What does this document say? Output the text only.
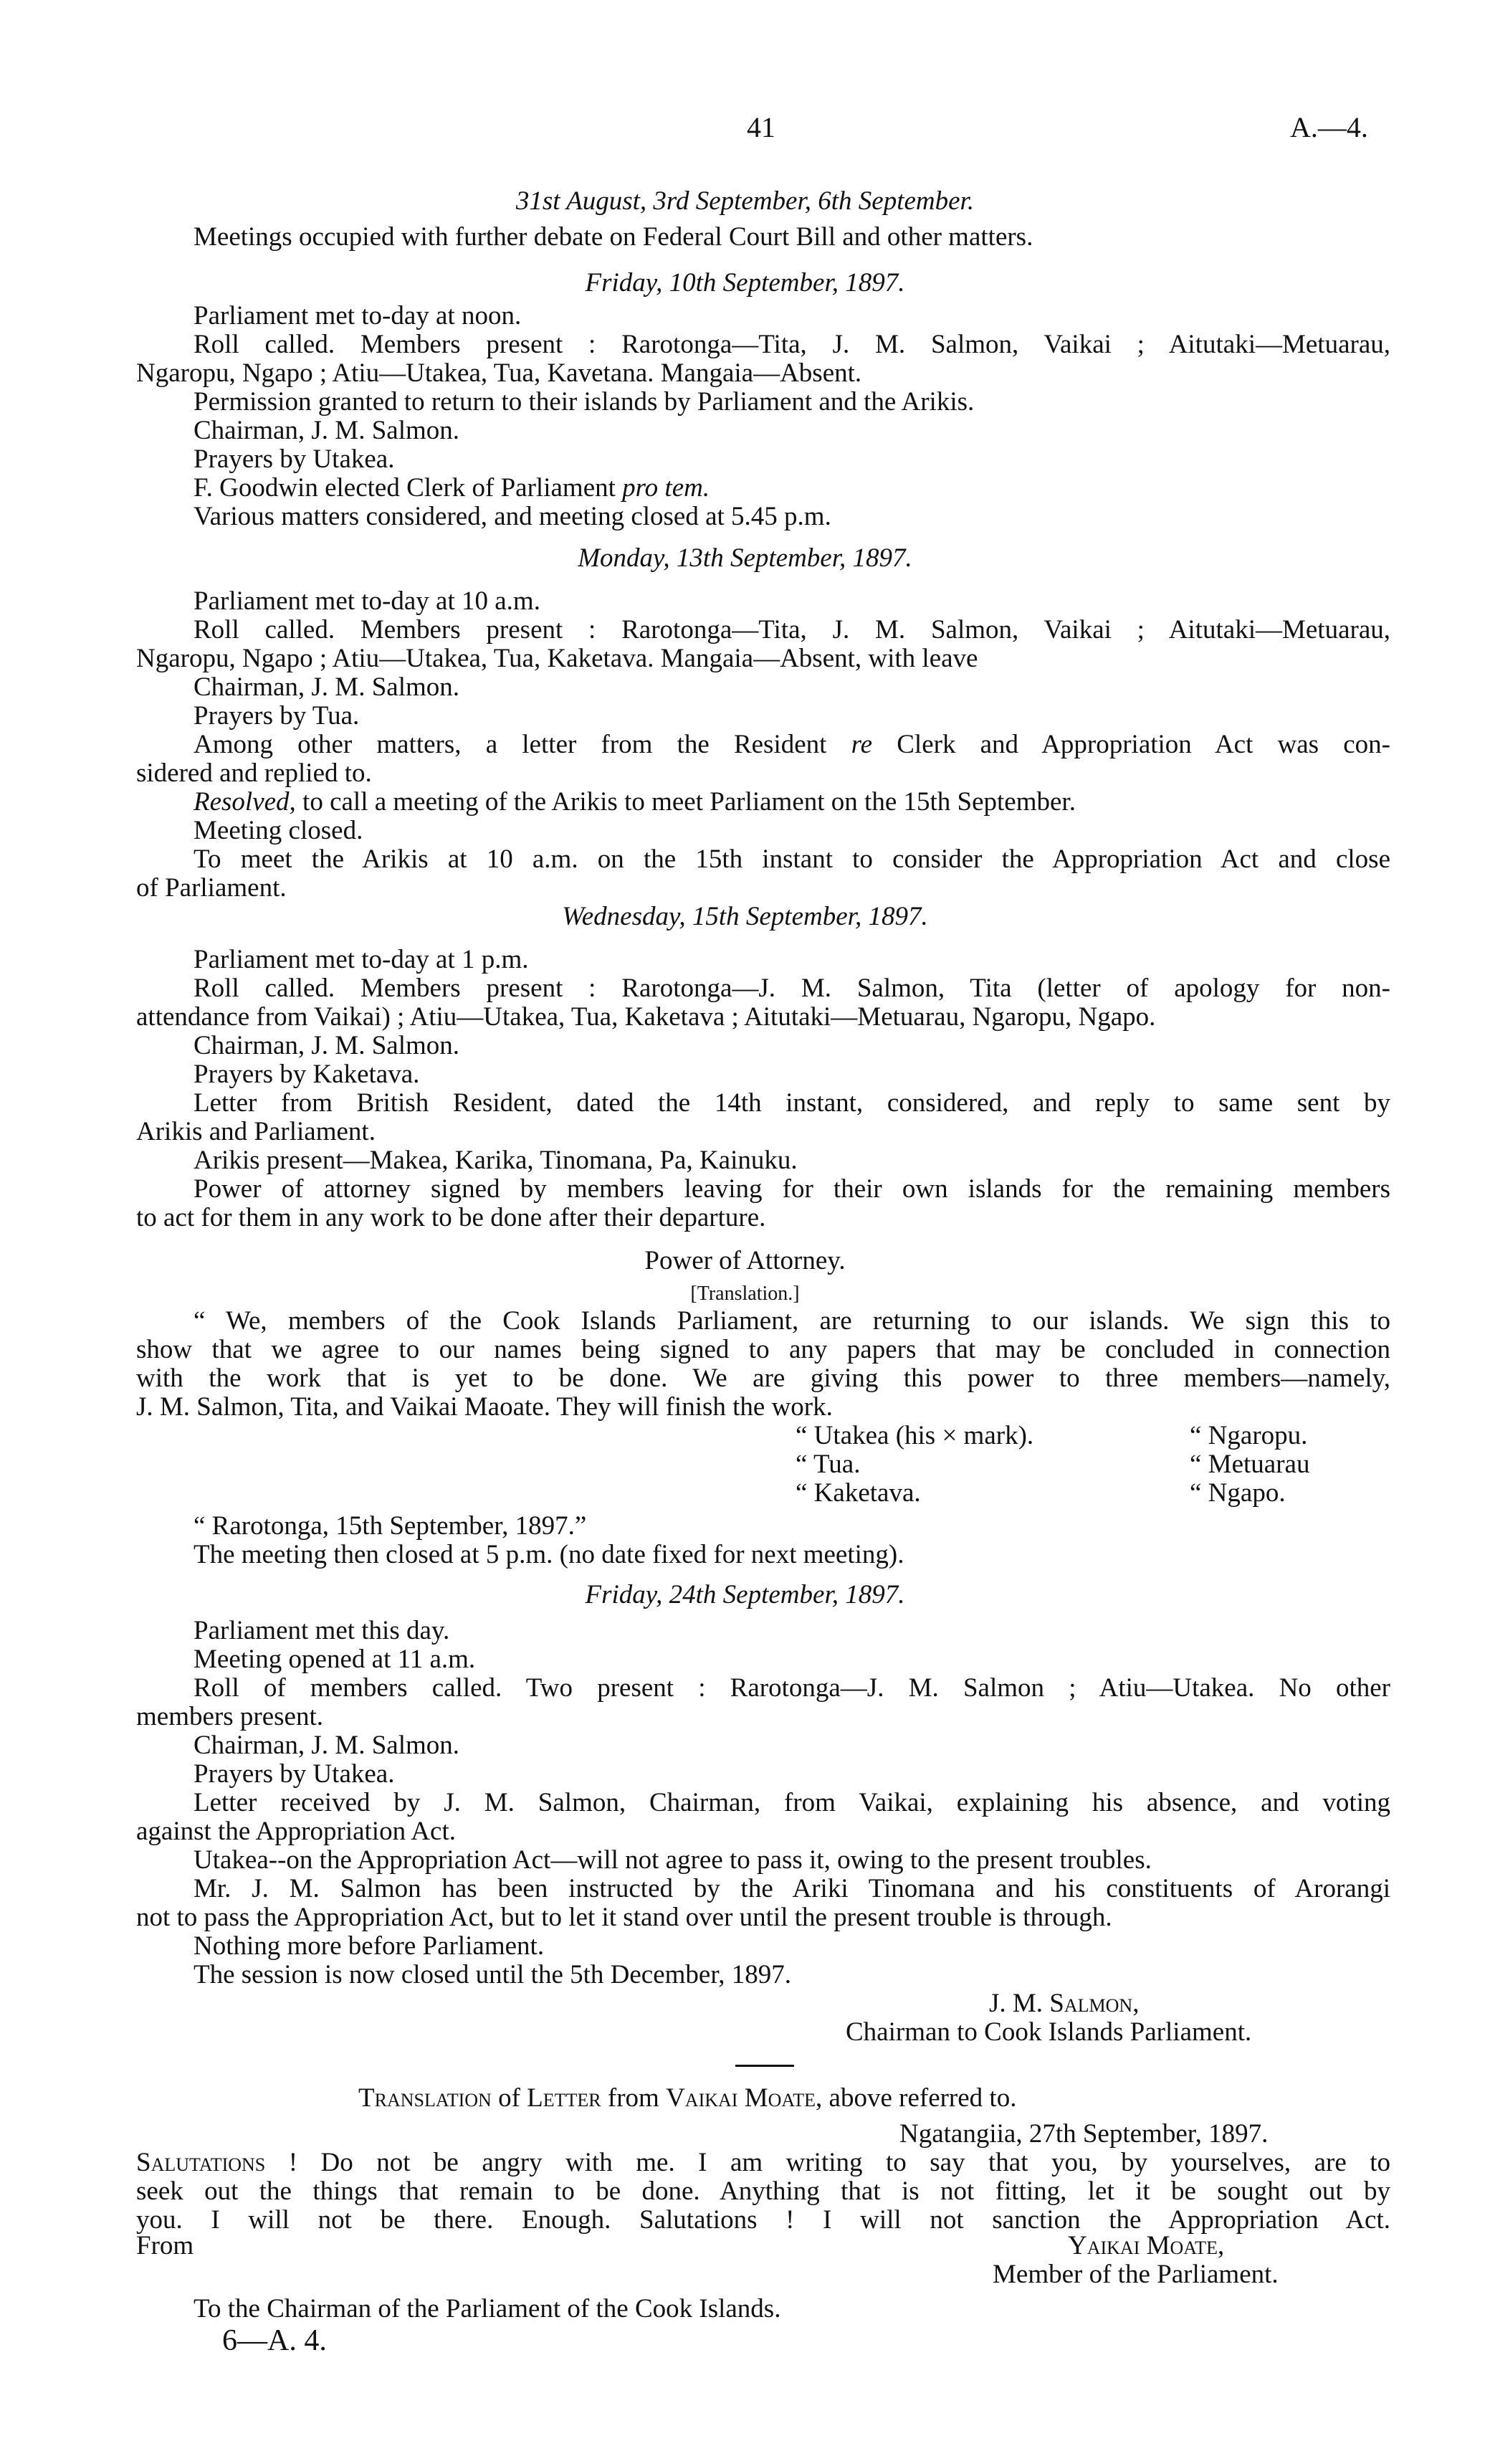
41	A.—4.
31st August, 3rd September, 6th September.
Meetings occupied with further debate on Federal Court Bill and other matters.
Friday, 10th September, 1897.
Parliament met to-day at noon.
Roll called. Members present : Rarotonga—Tita, J. M. Salmon, Vaikai ; Aitutaki—Metuarau,
Ngaropu, Ngapo ; Atiu—Utakea, Tua, Kavetana. Mangaia—Absent.
Permission granted to return to their islands by Parliament and the Arikis.
Chairman, J. M. Salmon.
Prayers by Utakea.
F. Goodwin elected Clerk of Parliament pro tem.
Various matters considered, and meeting closed at 5.45 p.m.
Monday, 13th September, 1897.
Parliament met to-day at 10 a.m.
Roll called. Members present : Rarotonga—Tita, J. M. Salmon, Vaikai ; Aitutaki—Metuarau,
Ngaropu, Ngapo ; Atiu—Utakea, Tua, Kaketava. Mangaia—Absent, with leave
Chairman, J. M. Salmon.
Prayers by Tua.
Among other matters, a letter from the Resident re Clerk and Appropriation Act was con-
sidered and replied to.
Resolved, to call a meeting of the Arikis to meet Parliament on the 15th September.
Meeting closed.
To meet the Arikis at 10 a.m. on the 15th instant to consider the Appropriation Act and close
of Parliament.
Wednesday, 15th September, 1897.
Parliament met to-day at 1 p.m.
Roll called. Members present : Rarotonga—J. M. Salmon, Tita (letter of apology for non-
attendance from Vaikai) ; Atiu—Utakea, Tua, Kaketava ; Aitutaki—Metuarau, Ngaropu, Ngapo.
Chairman, J. M. Salmon.
Prayers by Kaketava.
Letter from British Resident, dated the 14th instant, considered, and reply to same sent by
Arikis and Parliament.
Arikis present—Makea, Karika, Tinomana, Pa, Kainuku.
Power of attorney signed by members leaving for their own islands for the remaining members
to act for them in any work to be done after their departure.
Power of Attorney.
[Translation.]
“ We, members of the Cook Islands Parliament, are returning to our islands. We sign this to
show that we agree to our names being signed to any papers that may be concluded in connection
with the work that is yet to be done. We are giving this power to three members—namely,
J. M. Salmon, Tita, and Vaikai Maoate. They will finish the work.
“ Utakea (his × mark).	“ Ngaropu.
“ Tua.	“ Metuarau
“ Kaketava.	“ Ngapo.
“ Rarotonga, 15th September, 1897.”
The meeting then closed at 5 p.m. (no date fixed for next meeting).
Friday, 24th September, 1897.
Parliament met this day.
Meeting opened at 11 a.m.
Roll of members called. Two present : Rarotonga—J. M. Salmon ; Atiu—Utakea. No other
members present.
Chairman, J. M. Salmon.
Prayers by Utakea.
Letter received by J. M. Salmon, Chairman, from Vaikai, explaining his absence, and voting
against the Appropriation Act.
Utakea--on the Appropriation Act—will not agree to pass it, owing to the present troubles.
Mr. J. M. Salmon has been instructed by the Ariki Tinomana and his constituents of Arorangi
not to pass the Appropriation Act, but to let it stand over until the present trouble is through.
Nothing more before Parliament.
The session is now closed until the 5th December, 1897.
J. M. Salmon,
Chairman to Cook Islands Parliament.
Translation of Letter from Vaikai Moate, above referred to.
Ngatangiia, 27th September, 1897.
Salutations ! Do not be angry with me. I am writing to say that you, by yourselves, are to
seek out the things that remain to be done. Anything that is not fitting, let it be sought out by
you. I will not be there. Enough. Salutations ! I will not sanction the Appropriation Act.
From	Yaikai Moate,
Member of the Parliament.
To the Chairman of the Parliament of the Cook Islands.
6—A. 4.
